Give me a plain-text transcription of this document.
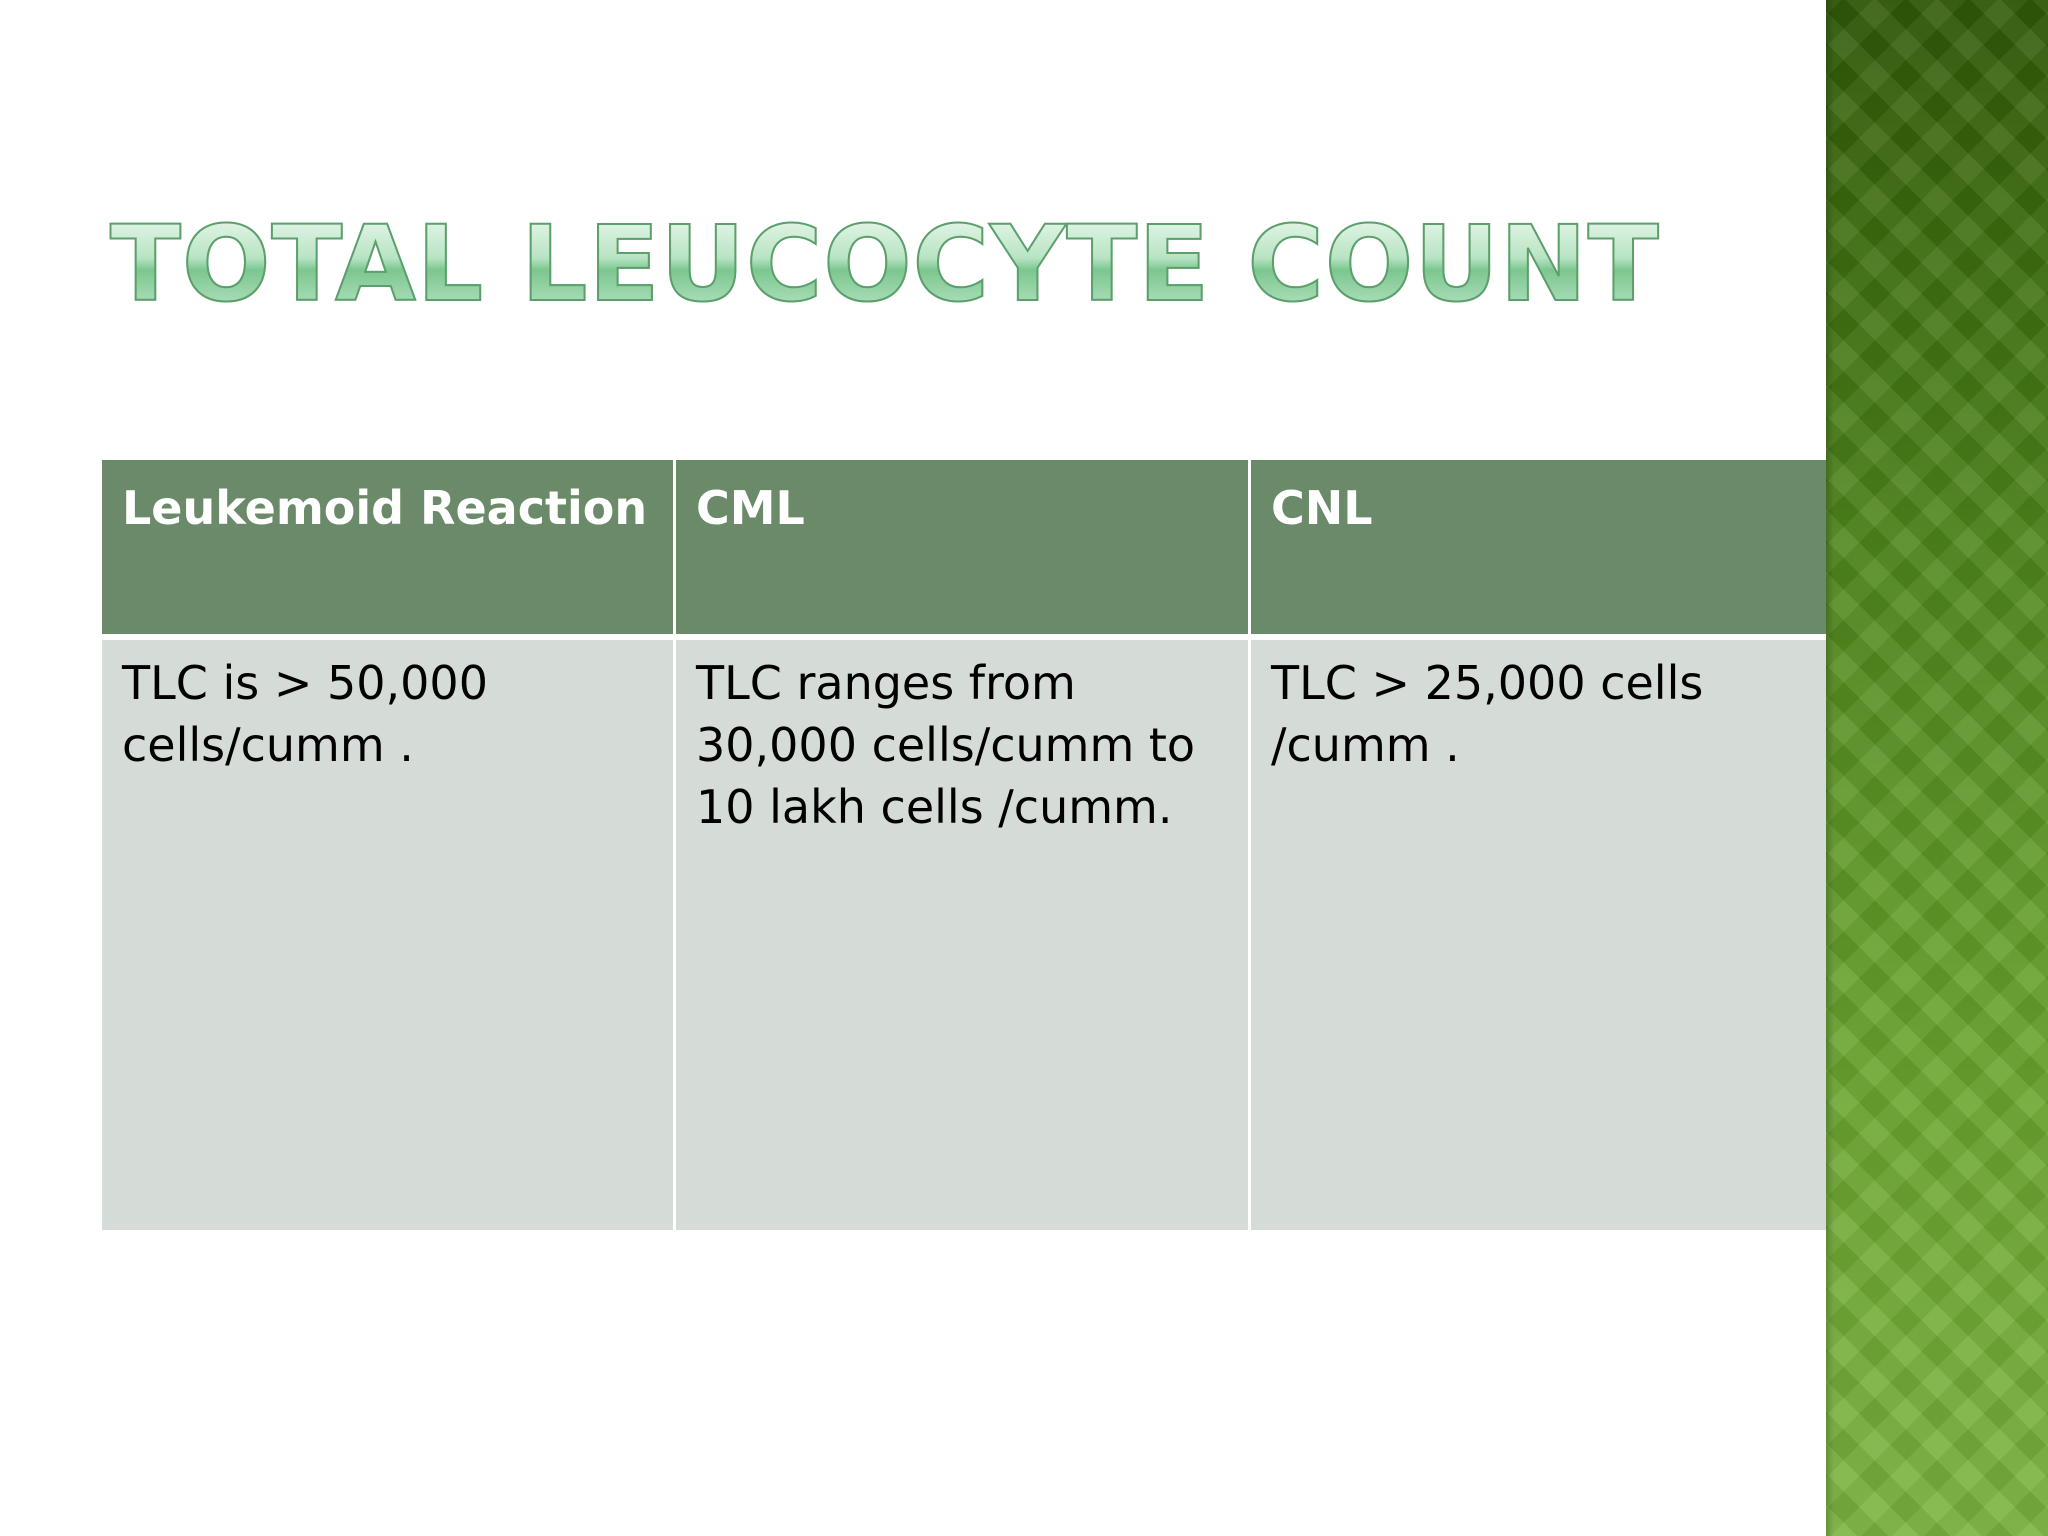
TOTAL LEUCOCYTE COUNT
Leukemoid Reaction	CML	CNL
TLC is > 50,000 cells/cumm .	TLC ranges from 30,000 cells/cumm to 10 lakh cells /cumm.	TLC > 25,000 cells /cumm .
